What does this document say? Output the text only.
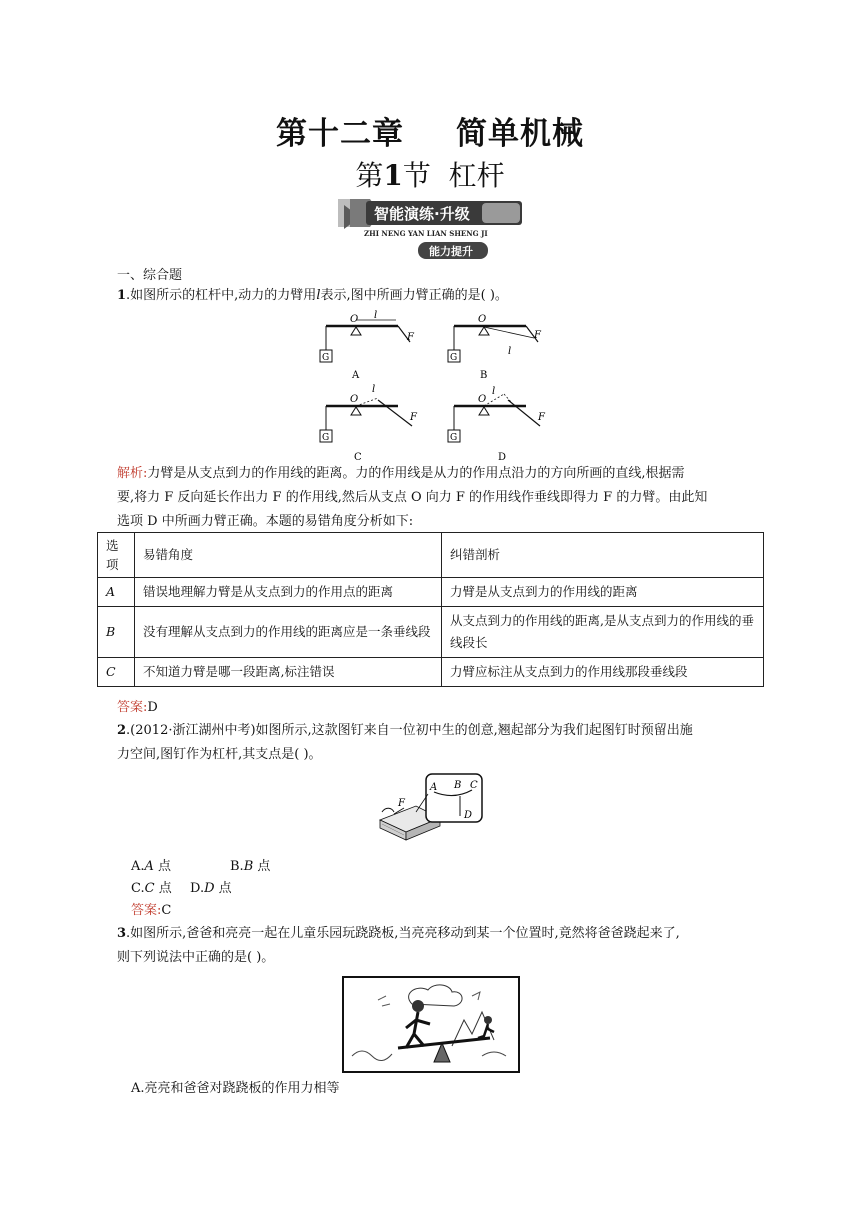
第十二章 简单机械
第1节 杠杆
智能演练·升级
ZHI NENG YAN LIAN SHENG JI
能力提升
一、综合题
1.如图所示的杠杆中,动力的力臂用l表示,图中所画力臂正确的是( )。
G
O l
F
A
G
O
l
F
B
G
O
l
F
C
G
O
l
F
D
解析:力臂是从支点到力的作用线的距离。力的作用线是从力的作用点沿力的方向所画的直线,根据需
要,将力 F 反向延长作出力 F 的作用线,然后从支点 O 向力 F 的作用线作垂线即得力 F 的力臂。由此知
选项 D 中所画力臂正确。本题的易错角度分析如下:
选
项	易错角度	纠错剖析
A	错误地理解力臂是从支点到力的作用点的距离	力臂是从支点到力的作用线的距离
B	没有理解从支点到力的作用线的距离应是一条垂线段	从支点到力的作用线的距离,是从支点到力的作用线的垂线段长
C	不知道力臂是哪一段距离,标注错误	力臂应标注从支点到力的作用线那段垂线段
答案:D
2.(2012·浙江湖州中考)如图所示,这款图钉来自一位初中生的创意,翘起部分为我们起图钉时预留出施
力空间,图钉作为杠杆,其支点是( )。
F
A B C
D
A.A 点	B.B 点
C.C 点 D.D 点
答案:C
3.如图所示,爸爸和亮亮一起在儿童乐园玩跷跷板,当亮亮移动到某一个位置时,竟然将爸爸跷起来了,
则下列说法中正确的是( )。
A.亮亮和爸爸对跷跷板的作用力相等
